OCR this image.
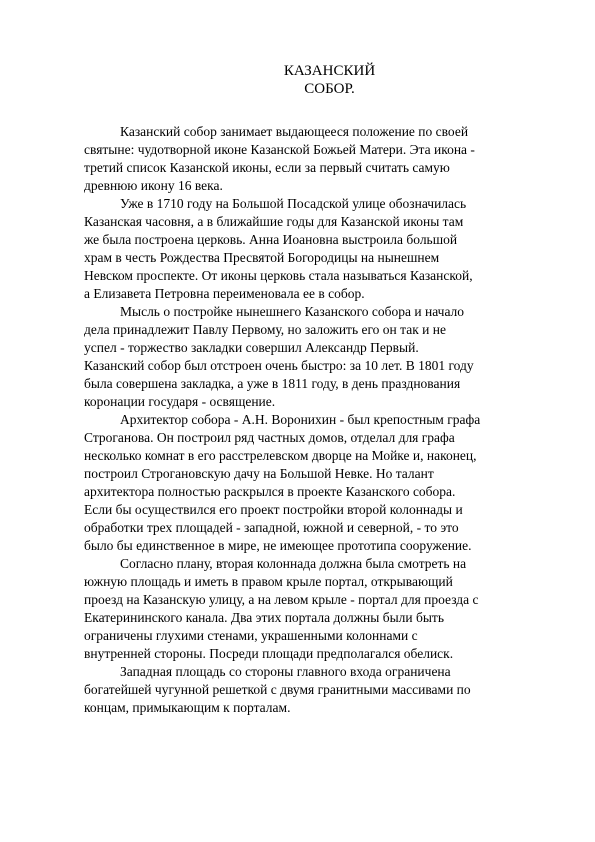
КАЗАНСКИЙ
СОБОР.

Казанский собор занимает выдающееся положение по своей
святыне: чудотворной иконе Казанской Божьей Матери. Эта икона -
третий список Казанской иконы, если за первый считать самую
древнюю икону 16 века.

Уже в 1710 году на Большой Посадской улице обозначилась
Казанская часовня, а в ближайшие годы для Казанской иконы там
же была построена церковь. Анна Иоановна выстроила большой
храм в честь Рождества Пресвятой Богородицы на нынешнем
Невском проспекте. От иконы церковь стала называться Казанской,
а Елизавета Петровна переименовала ее в собор.

Мысль о постройке нынешнего Казанского собора и начало
дела принадлежит Павлу Первому, но заложить его он так и не
успел - торжество закладки совершил Александр Первый.
Казанский собор был отстроен очень быстро: за 10 лет. В 1801 году
была совершена закладка, а уже в 1811 году, в день празднования
коронации государя - освящение.

Архитектор собора - А.Н. Воронихин - был крепостным графа
Строганова. Он построил ряд частных домов, отделал для графа
несколько комнат в его расстрелевском дворце на Мойке и, наконец,
построил Строгановскую дачу на Большой Невке. Но талант
архитектора полностью раскрылся в проекте Казанского собора.
Если бы осуществился его проект постройки второй колоннады и
обработки трех площадей - западной, южной и северной, - то это
было бы единственное в мире, не имеющее прототипа сооружение.

Согласно плану, вторая колоннада должна была смотреть на
южную площадь и иметь в правом крыле портал, открывающий
проезд на Казанскую улицу, а на левом крыле - портал для проезда с
Екатерининского канала. Два этих портала должны были быть
ограничены глухими стенами, украшенными колоннами с
внутренней стороны. Посреди площади предполагался обелиск.

Западная площадь со стороны главного входа ограничена
богатейшей чугунной решеткой с двумя гранитными массивами по
концам, примыкающим к порталам.
